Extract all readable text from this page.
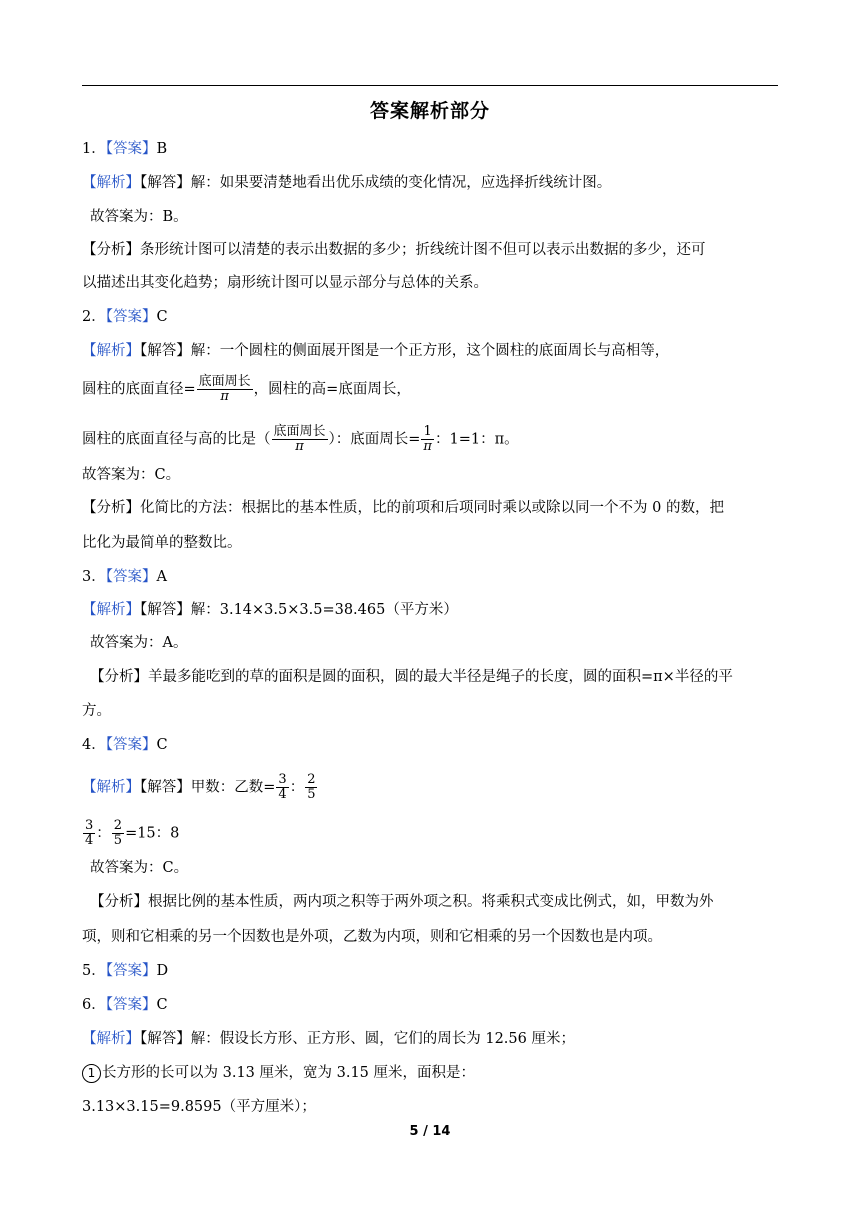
答案解析部分
1．【答案】B
【解析】【解答】解：如果要清楚地看出优乐成绩的变化情况，应选择折线统计图。
故答案为：B。
【分析】条形统计图可以清楚的表示出数据的多少；折线统计图不但可以表示出数据的多少，还可
以描述出其变化趋势；扇形统计图可以显示部分与总体的关系。
2．【答案】C
【解析】【解答】解：一个圆柱的侧面展开图是一个正方形，这个圆柱的底面周长与高相等，
圆柱的底面直径= $\frac{\text{底面周长}}{\pi}$ ，圆柱的高=底面周长，
圆柱的底面直径与高的比是（ $\frac{\text{底面周长}}{\pi}$ ）：底面周长= $\frac{1}{\pi}$ ：1=1：π。
故答案为：C。
【分析】化简比的方法：根据比的基本性质，比的前项和后项同时乘以或除以同一个不为 0 的数，把
比化为最简单的整数比。
3．【答案】A
【解析】【解答】解：3.14×3.5×3.5=38.465（平方米）
故答案为：A。
【分析】羊最多能吃到的草的面积是圆的面积，圆的最大半径是绳子的长度，圆的面积=π×半径的平
方。
4．【答案】C
【解析】【解答】甲数：乙数= $\frac{3}{4}$ ： $\frac{2}{5}$
$\frac{3}{4}$ ： $\frac{2}{5} =15$：8
故答案为：C。
【分析】根据比例的基本性质，两内项之积等于两外项之积。将乘积式变成比例式，如，甲数为外
项，则和它相乘的另一个因数也是外项，乙数为内项，则和它相乘的另一个因数也是内项。
5．【答案】D
6．【答案】C
【解析】【解答】解：假设长方形、正方形、圆，它们的周长为 12.56 厘米；
1 长方形的长可以为 3.13 厘米，宽为 3.15 厘米，面积是：
3.13×3.15=9.8595（平方厘米）；
5 / 14
